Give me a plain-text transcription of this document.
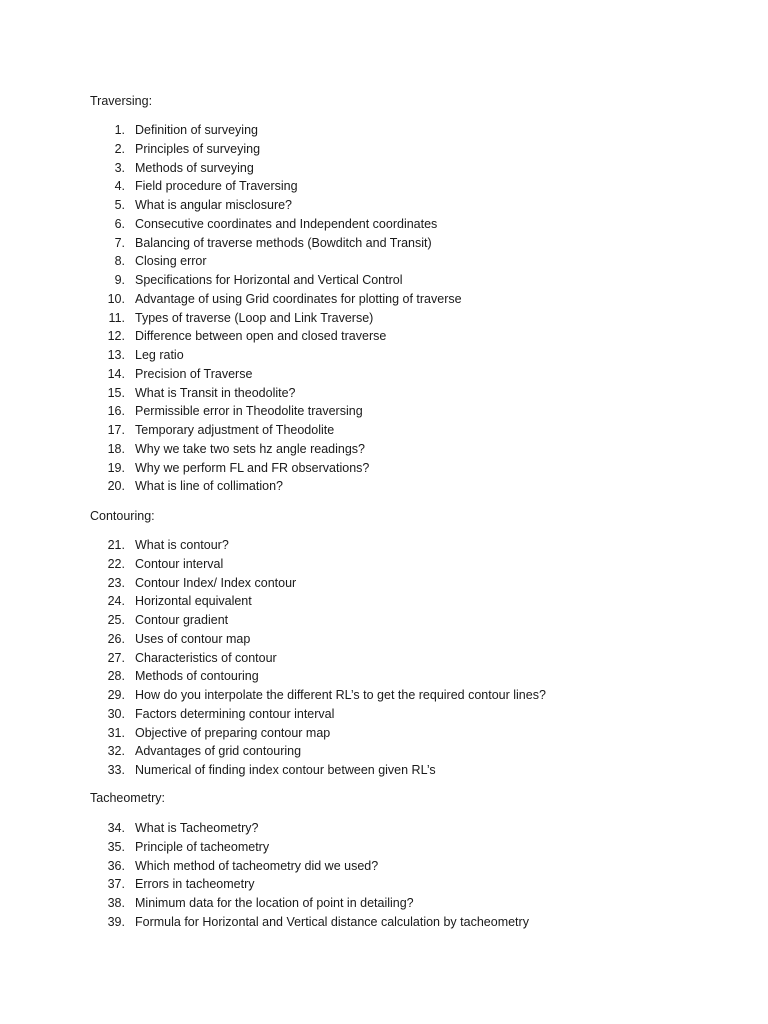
Traversing:
1. Definition of surveying
2. Principles of surveying
3. Methods of surveying
4. Field procedure of Traversing
5. What is angular misclosure?
6. Consecutive coordinates and Independent coordinates
7. Balancing of traverse methods (Bowditch and Transit)
8. Closing error
9. Specifications for Horizontal and Vertical Control
10. Advantage of using Grid coordinates for plotting of traverse
11. Types of traverse (Loop and Link Traverse)
12. Difference between open and closed traverse
13. Leg ratio
14. Precision of Traverse
15. What is Transit in theodolite?
16. Permissible error in Theodolite traversing
17. Temporary adjustment of Theodolite
18. Why we take two sets hz angle readings?
19. Why we perform FL and FR observations?
20. What is line of collimation?
Contouring:
21. What is contour?
22. Contour interval
23. Contour Index/ Index contour
24. Horizontal equivalent
25. Contour gradient
26. Uses of contour map
27. Characteristics of contour
28. Methods of contouring
29. How do you interpolate the different RL’s to get the required contour lines?
30. Factors determining contour interval
31. Objective of preparing contour map
32. Advantages of grid contouring
33. Numerical of finding index contour between given RL’s
Tacheometry:
34. What is Tacheometry?
35. Principle of tacheometry
36. Which method of tacheometry did we used?
37. Errors in tacheometry
38. Minimum data for the location of point in detailing?
39. Formula for Horizontal and Vertical distance calculation by tacheometry
